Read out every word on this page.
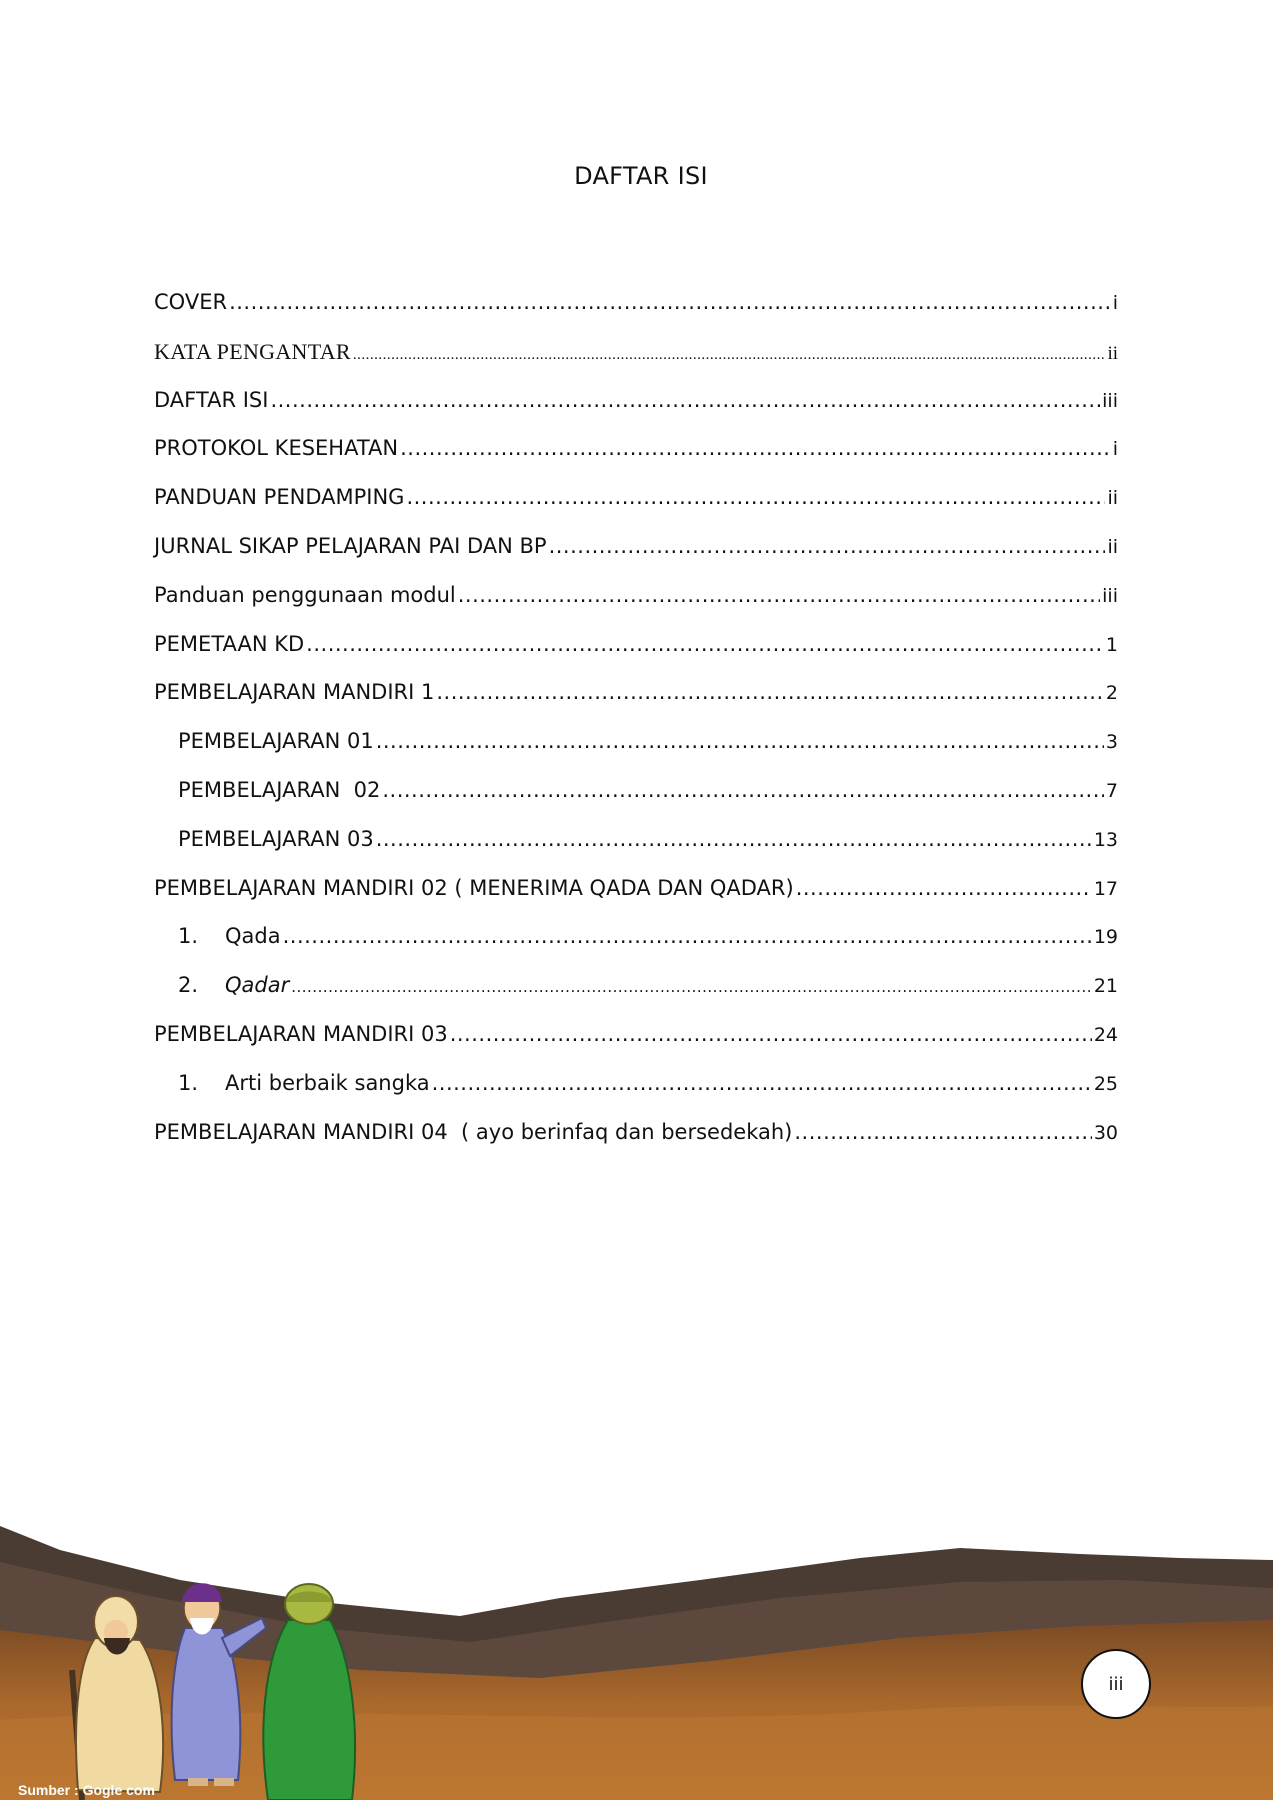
DAFTAR ISI
COVER .....	i
KATA PENGANTAR .....	ii
DAFTAR ISI .....	iii
PROTOKOL KESEHATAN .....	i
PANDUAN PENDAMPING .....	ii
JURNAL SIKAP PELAJARAN PAI DAN BP .....	ii
Panduan penggunaan modul .....	iii
PEMETAAN KD .....	1
PEMBELAJARAN MANDIRI 1 .....	2
PEMBELAJARAN 01 .....	3
PEMBELAJARAN  02 .....	7
PEMBELAJARAN 03 .....	13
PEMBELAJARAN MANDIRI 02 ( MENERIMA QADA DAN QADAR) .....	17
1.	Qada .....	19
2.	Qadar .....	21
PEMBELAJARAN MANDIRI 03 .....	24
1.	Arti berbaik sangka .....	25
PEMBELAJARAN MANDIRI 04  ( ayo berinfaq dan bersedekah) .....	30
Sumber : Gogle com
iii
